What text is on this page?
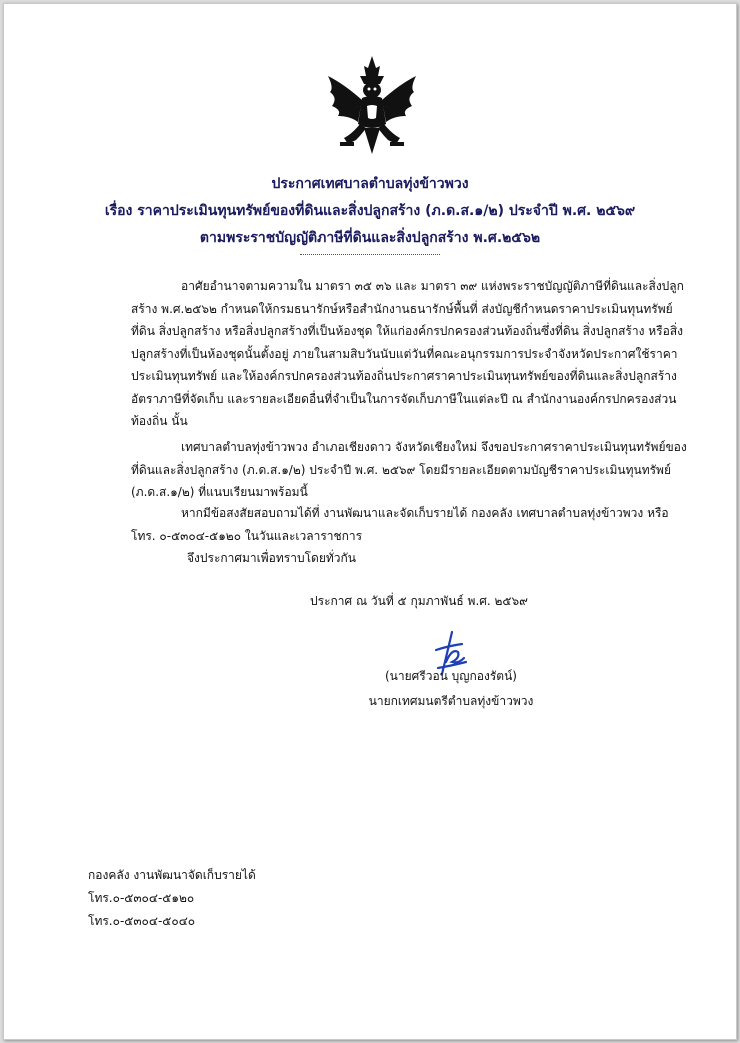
ประกาศเทศบาลตำบลทุ่งข้าวพวง
เรื่อง ราคาประเมินทุนทรัพย์ของที่ดินและสิ่งปลูกสร้าง (ภ.ด.ส.๑/๒) ประจำปี พ.ศ. ๒๕๖๙
ตามพระราชบัญญัติภาษีที่ดินและสิ่งปลูกสร้าง พ.ศ.๒๕๖๒
อาศัยอำนาจตามความใน มาตรา ๓๕ ๓๖ และ มาตรา ๓๙ แห่งพระราชบัญญัติภาษีที่ดินและสิ่งปลูกสร้าง พ.ศ.๒๕๖๒ กำหนดให้กรมธนารักษ์หรือสำนักงานธนารักษ์พื้นที่ ส่งบัญชีกำหนดราคาประเมินทุนทรัพย์ที่ดิน สิ่งปลูกสร้าง หรือสิ่งปลูกสร้างที่เป็นห้องชุด ให้แก่องค์กรปกครองส่วนท้องถิ่นซึ่งที่ดิน สิ่งปลูกสร้าง หรือสิ่งปลูกสร้างที่เป็นห้องชุดนั้นตั้งอยู่ ภายในสามสิบวันนับแต่วันที่คณะอนุกรรมการประจำจังหวัดประกาศใช้ราคาประเมินทุนทรัพย์ และให้องค์กรปกครองส่วนท้องถิ่นประกาศราคาประเมินทุนทรัพย์ของที่ดินและสิ่งปลูกสร้าง อัตราภาษีที่จัดเก็บ และรายละเอียดอื่นที่จำเป็นในการจัดเก็บภาษีในแต่ละปี ณ สำนักงานองค์กรปกครองส่วนท้องถิ่น นั้น
เทศบาลตำบลทุ่งข้าวพวง อำเภอเชียงดาว จังหวัดเชียงใหม่ จึงขอประกาศราคาประเมินทุนทรัพย์ของที่ดินและสิ่งปลูกสร้าง (ภ.ด.ส.๑/๒) ประจำปี พ.ศ. ๒๕๖๙ โดยมีรายละเอียดตามบัญชีราคาประเมินทุนทรัพย์ (ภ.ด.ส.๑/๒) ที่แนบเรียนมาพร้อมนี้
หากมีข้อสงสัยสอบถามได้ที่ งานพัฒนาและจัดเก็บรายได้ กองคลัง เทศบาลตำบลทุ่งข้าวพวง หรือ โทร. ๐-๕๓๐๔-๕๑๒๐ ในวันและเวลาราชการ
จึงประกาศมาเพื่อทราบโดยทั่วกัน
ประกาศ ณ วันที่ ๕ กุมภาพันธ์ พ.ศ. ๒๕๖๙
(นายศรีวอน บุญกองรัตน์)
นายกเทศมนตรีตำบลทุ่งข้าวพวง
กองคลัง งานพัฒนาจัดเก็บรายได้
โทร.๐-๕๓๐๔-๕๑๒๐
โทร.๐-๕๓๐๔-๕๐๔๐
